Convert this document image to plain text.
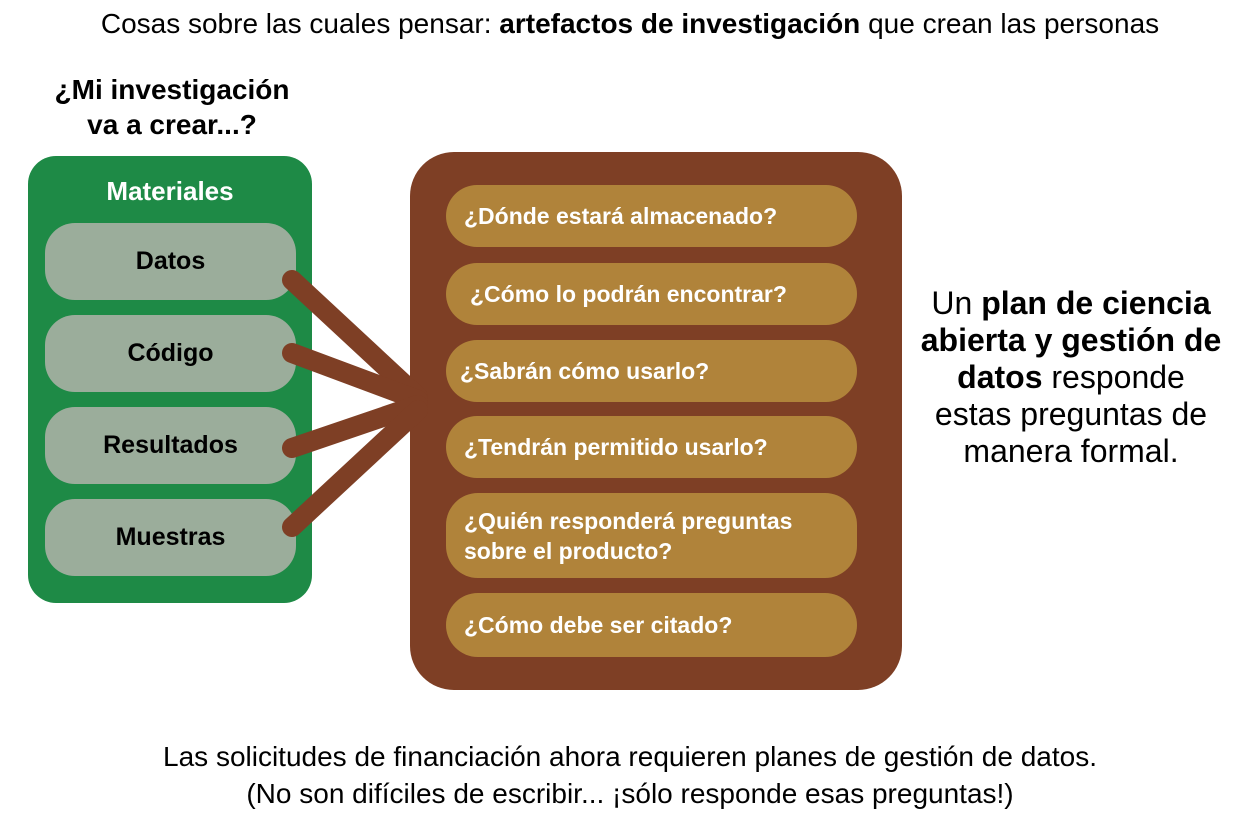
Cosas sobre las cuales pensar: artefactos de investigación que crean las personas
¿Mi investigación
va a crear...?
Materiales
Datos
Código
Resultados
Muestras
¿Dónde estará almacenado?
¿Cómo lo podrán encontrar?
¿Sabrán cómo usarlo?
¿Tendrán permitido usarlo?
¿Quién responderá preguntas sobre el producto?
¿Cómo debe ser citado?
Un plan de ciencia abierta y gestión de datos responde estas preguntas de manera formal.
Las solicitudes de financiación ahora requieren planes de gestión de datos.
(No son difíciles de escribir... ¡sólo responde esas preguntas!)
